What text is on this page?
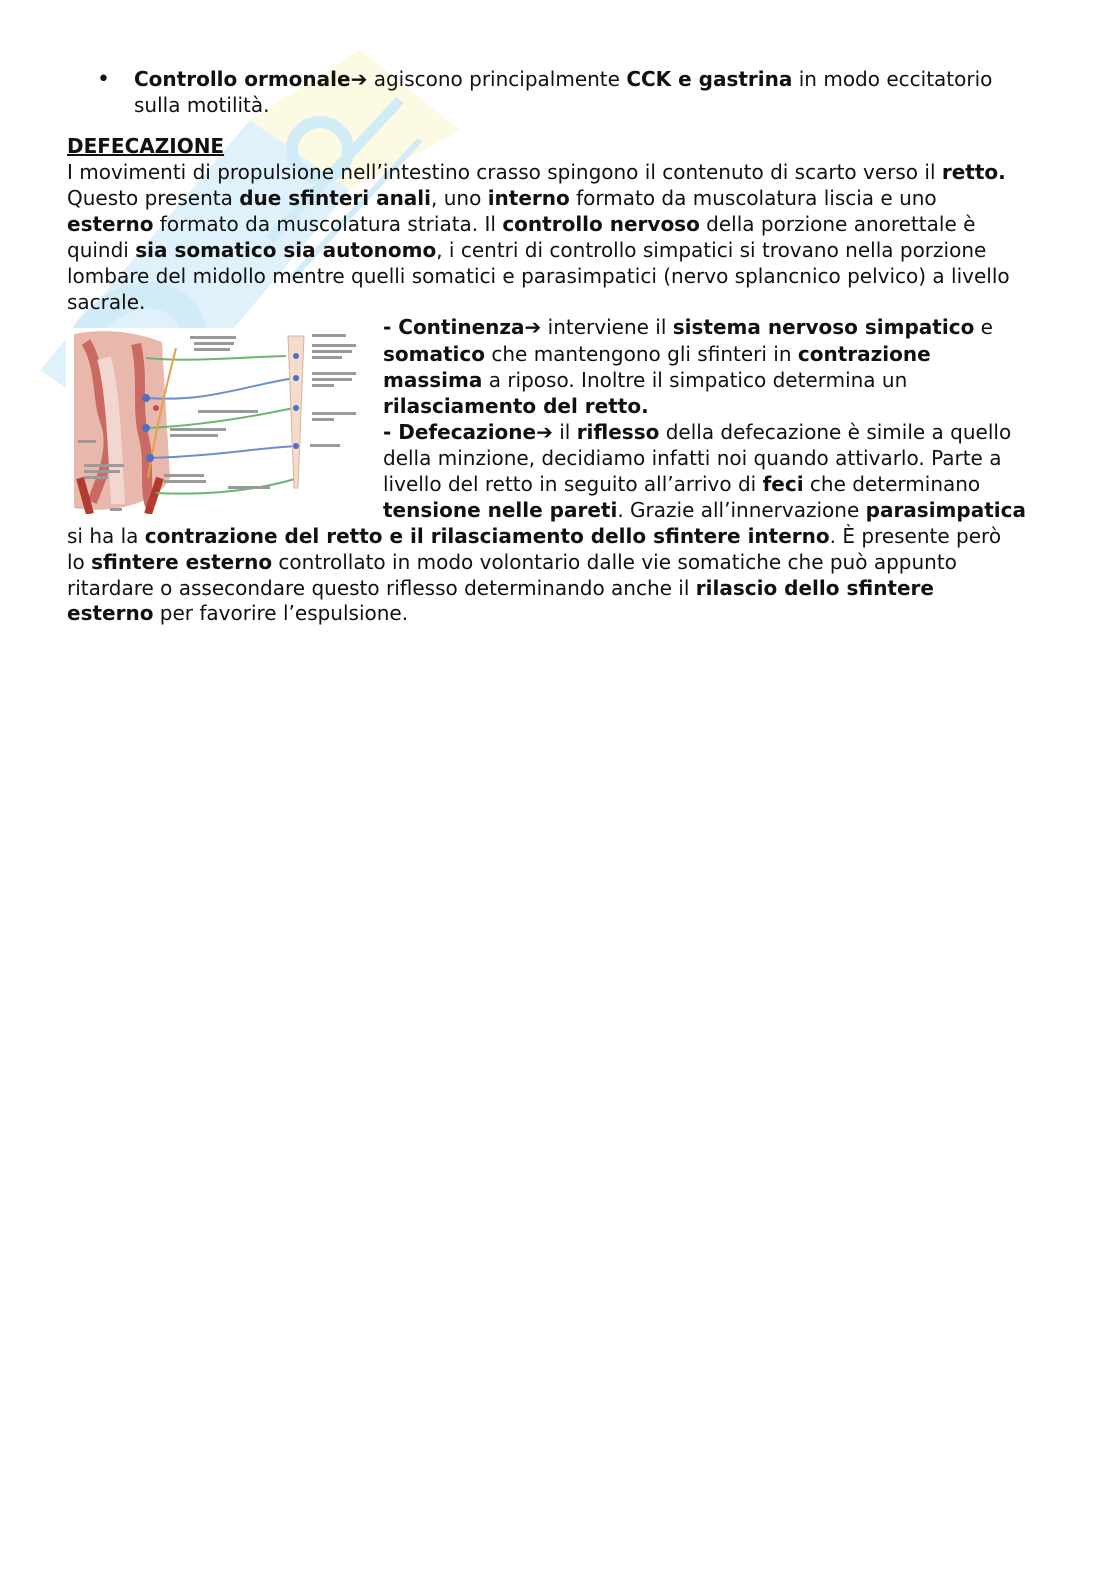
• Controllo ormonale➔ agiscono principalmente CCK e gastrina in modo eccitatorio
sulla motilità.
DEFECAZIONE
I movimenti di propulsione nell’intestino crasso spingono il contenuto di scarto verso il retto.
Questo presenta due sfinteri anali, uno interno formato da muscolatura liscia e uno
esterno formato da muscolatura striata. Il controllo nervoso della porzione anorettale è
quindi sia somatico sia autonomo, i centri di controllo simpatici si trovano nella porzione
lombare del midollo mentre quelli somatici e parasimpatici (nervo splancnico pelvico) a livello
sacrale.
- Continenza➔ interviene il sistema nervoso simpatico e
somatico che mantengono gli sfinteri in contrazione
massima a riposo. Inoltre il simpatico determina un
rilasciamento del retto.
- Defecazione➔ il riflesso della defecazione è simile a quello
della minzione, decidiamo infatti noi quando attivarlo. Parte a
livello del retto in seguito all’arrivo di feci che determinano
tensione nelle pareti. Grazie all’innervazione parasimpatica
si ha la contrazione del retto e il rilasciamento dello sfintere interno. È presente però
lo sfintere esterno controllato in modo volontario dalle vie somatiche che può appunto
ritardare o assecondare questo riflesso determinando anche il rilascio dello sfintere
esterno per favorire l’espulsione.
